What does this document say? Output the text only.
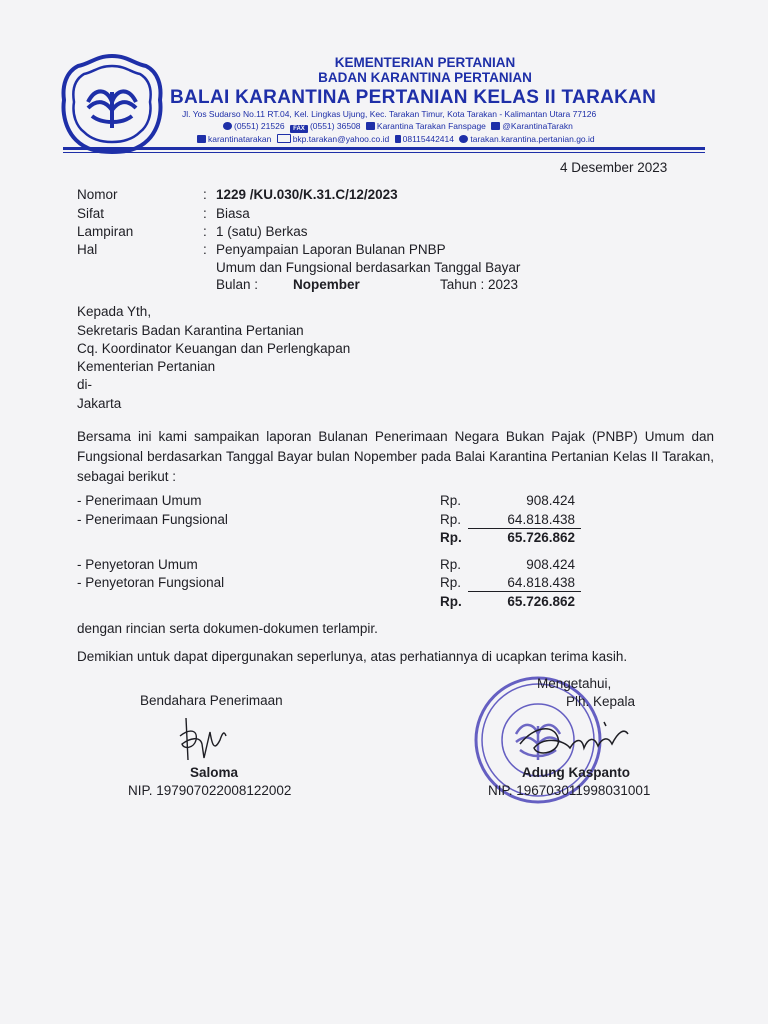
KEMENTERIAN PERTANIAN
BADAN KARANTINA PERTANIAN
BALAI KARANTINA PERTANIAN KELAS II TARAKAN
Jl. Yos Sudarso No.11 RT.04, Kel. Lingkas Ujung, Kec. Tarakan Timur, Kota Tarakan - Kalimantan Utara 77126
(0551) 21526 FAX (0551) 36508 Karantina Tarakan Fanspage @KarantinaTarakn
karantinatarakan	bkp.tarakan@yahoo.co.id 08115442414 tarakan.karantina.pertanian.go.id
4 Desember 2023
Nomor	: 1229 /KU.030/K.31.C/12/2023
Sifat	: Biasa
Lampiran	: 1 (satu) Berkas
Hal	: Penyampaian Laporan Bulanan PNBP
Umum dan Fungsional berdasarkan Tanggal Bayar
Bulan :	Nopember	Tahun : 2023
Kepada Yth,
Sekretaris Badan Karantina Pertanian
Cq. Koordinator Keuangan dan Perlengkapan
Kementerian Pertanian
di-
Jakarta
Bersama ini kami sampaikan laporan Bulanan Penerimaan Negara Bukan Pajak (PNBP) Umum dan Fungsional berdasarkan Tanggal Bayar bulan Nopember pada Balai Karantina Pertanian Kelas II Tarakan, sebagai berikut :
- Penerimaan Umum	Rp.	908.424
- Penerimaan Fungsional	Rp.	64.818.438
Rp.	65.726.862
- Penyetoran Umum	Rp.	908.424
- Penyetoran Fungsional	Rp.	64.818.438
Rp.	65.726.862
dengan rincian serta dokumen-dokumen terlampir.
Demikian untuk dapat dipergunakan seperlunya, atas perhatiannya di ucapkan terima kasih.
Bendahara Penerimaan
Saloma
NIP. 197907022008122002
Mengetahui,
Plh. Kepala
Adung Kaspanto
NIP. 196703011998031001
